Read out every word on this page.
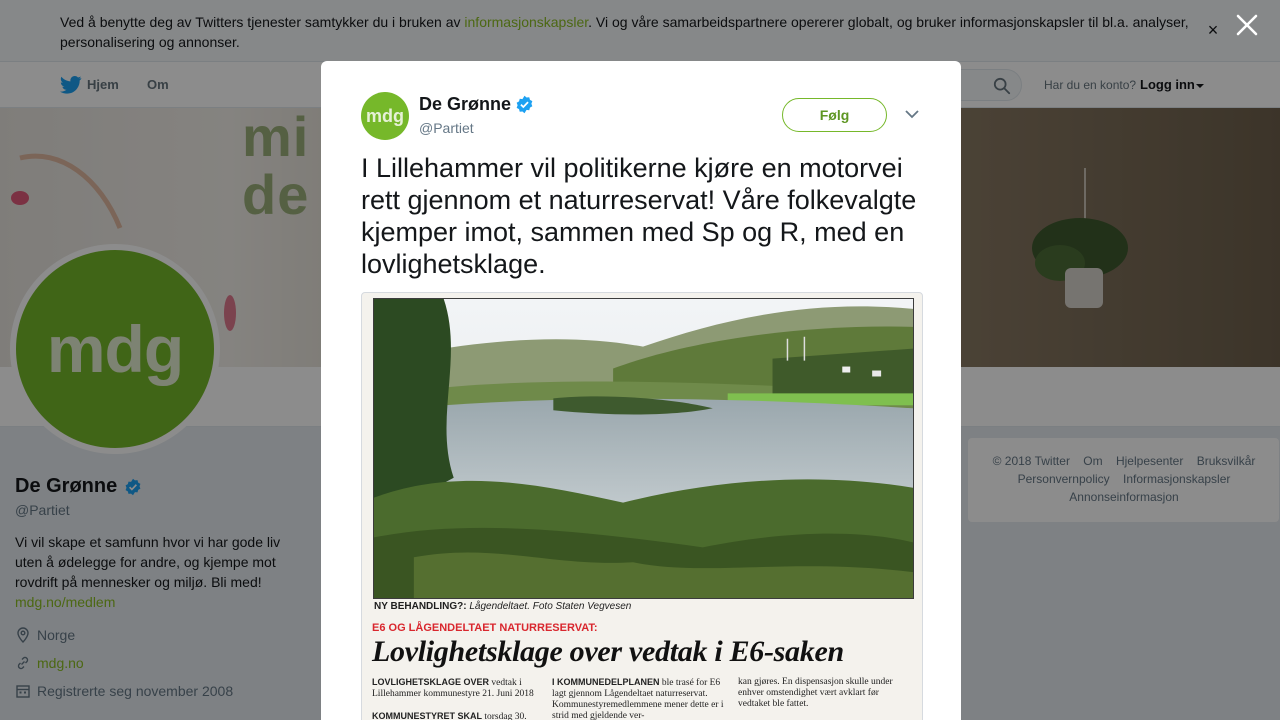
Ved å benytte deg av Twitters tjenester samtykker du i bruken av informasjonskapsler. Vi og våre samarbeidspartnere opererer globalt, og bruker informasjonskapsler til bl.a. analyser, personalisering og annonser.
×
Hjem Om	Har du en konto? Logg inn
mi
de
mdg
De Grønne
@Partiet
Vi vil skape et samfunn hvor vi har gode liv uten å ødelegge for andre, og kjempe mot rovdrift på mennesker og miljø. Bli med!
mdg.no/medlem
Norge
mdg.no
Registrerte seg november 2008
© 2018 Twitter Om Hjelpesenter Bruksvilkår Personvernpolicy Informasjonskapsler Annonseinformasjon
mdg
De Grønne
@Partiet
Følg
I Lillehammer vil politikerne kjøre en motorvei rett gjennom et naturreservat! Våre folkevalgte kjemper imot, sammen med Sp og R, med en lovlighetsklage.
NY BEHANDLING?: Lågendeltaet. Foto Staten Vegvesen
E6 OG LÅGENDELTAET NATURRESERVAT:
Lovlighetsklage over vedtak i E6-saken
LOVLIGHETSKLAGE OVER vedtak i Lillehammer kommunestyre 21. Juni 2018

KOMMUNESTYRET SKAL torsdag 30.
I KOMMUNEDELPLANEN ble trasé for E6 lagt gjennom Lågendeltaet naturreservat. Kommunestyremedlemmene mener dette er i strid med gjeldende ver-
kan gjøres. En dispensasjon skulle under enhver omstendighet vært avklart før vedtaket ble fattet.
